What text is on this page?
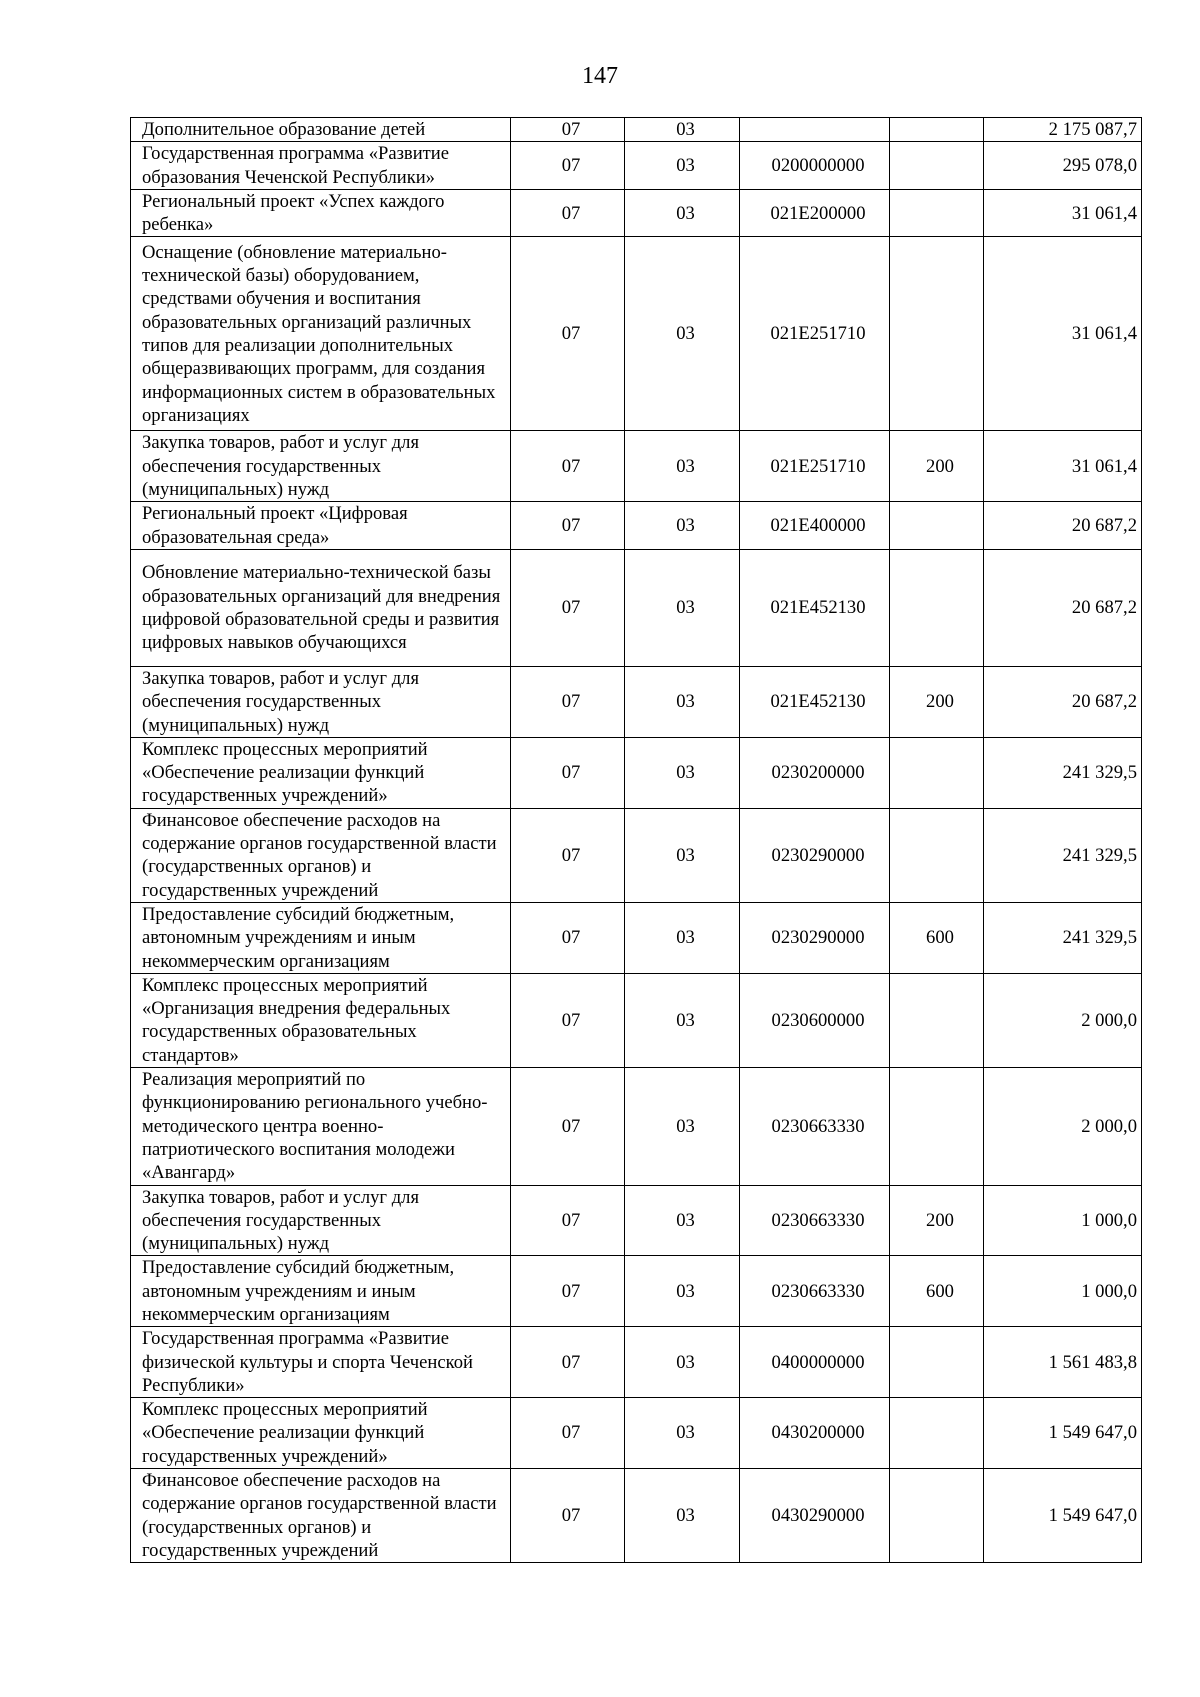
147
Дополнительное образование детей	07	03			2 175 087,7
Государственная программа «Развитие образования Чеченской Республики»	07	03	0200000000		295 078,0
Региональный проект «Успех каждого ребенка»	07	03	021E200000		31 061,4
Оснащение (обновление материально-технической базы) оборудованием, средствами обучения и воспитания образовательных организаций различных типов для реализации дополнительных общеразвивающих программ, для создания информационных систем в образовательных организациях	07	03	021E251710		31 061,4
Закупка товаров, работ и услуг для обеспечения государственных (муниципальных) нужд	07	03	021E251710	200	31 061,4
Региональный проект «Цифровая образовательная среда»	07	03	021E400000		20 687,2
Обновление материально-технической базы образовательных организаций для внедрения цифровой образовательной среды и развития цифровых навыков обучающихся	07	03	021E452130		20 687,2
Закупка товаров, работ и услуг для обеспечения государственных (муниципальных) нужд	07	03	021E452130	200	20 687,2
Комплекс процессных мероприятий «Обеспечение реализации функций государственных учреждений»	07	03	0230200000		241 329,5
Финансовое обеспечение расходов на содержание органов государственной власти (государственных органов) и государственных учреждений	07	03	0230290000		241 329,5
Предоставление субсидий бюджетным, автономным учреждениям и иным некоммерческим организациям	07	03	0230290000	600	241 329,5
Комплекс процессных мероприятий «Организация внедрения федеральных государственных образовательных стандартов»	07	03	0230600000		2 000,0
Реализация мероприятий по функционированию регионального учебно-методического центра военно-патриотического воспитания молодежи «Авангард»	07	03	0230663330		2 000,0
Закупка товаров, работ и услуг для обеспечения государственных (муниципальных) нужд	07	03	0230663330	200	1 000,0
Предоставление субсидий бюджетным, автономным учреждениям и иным некоммерческим организациям	07	03	0230663330	600	1 000,0
Государственная программа «Развитие физической культуры и спорта Чеченской Республики»	07	03	0400000000		1 561 483,8
Комплекс процессных мероприятий «Обеспечение реализации функций государственных учреждений»	07	03	0430200000		1 549 647,0
Финансовое обеспечение расходов на содержание органов государственной власти (государственных органов) и государственных учреждений	07	03	0430290000		1 549 647,0
